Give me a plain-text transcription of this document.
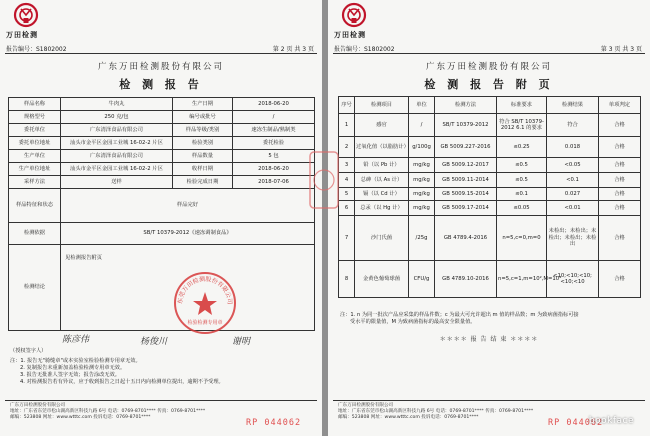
万田检测
报告编号：S1802002	第 2 页 共 3 页
广东万田检测股份有限公司
检 测 报 告
样品名称	牛肉丸	生产日期	2018-06-20
规格型号	250 克/包	编号或批号	/
委托单位	广东清泽食品有限公司	样品等级/类别	速冻生制品/熟制类
委托单位地址	汕头市金平区金园工业城 16-02-2 片区	检验类别	委托检验
生产单位	广东清泽食品有限公司	样品数量	5 包
生产单位地址	汕头市金平区金园工业城 16-02-2 片区	收样日期	2018-06-20
采样方法	送样	检验完成日期	2018-07-06
样品特征和状态	样品完好		
检测依据	SB/T 10379-2012《速冻调制食品》		
检测结论	见检测报告附页		
东莞万田检测股份有限公司
检验检测专用章
陈彦伟	杨俊川	谢明
（授权签字人）
注：1. 报告无"骑缝章"或本实验室检验检测专用章无效。
2. 复制报告未重新加盖检验检测专用章无效。
3. 报告无批准人签字无效；报告涂改无效。
4. 对检测报告若有异议，应于收到报告之日起十五日内向检测单位提出，逾期不予受理。
广东万田检测股份有限公司
地址：广东省东莞市松山湖高新区科技九路 6号 电话：0769-8701**** 传真：0769-8701****
邮编：523808 网址：www.wtttc.com 投诉电话：0769-8701****
RP 044062
万田检测
报告编号：S1802002	第 3 页 共 3 页
广东万田检测股份有限公司
检 测 报 告 附 页
序号	检测项目	单位	检测方法	标准要求	检测结果	单项判定
1	感官	/	SB/T 10379-2012	符合 SB/T 10379-2012 6.1 的要求	符合	合格
2	过氧化值（以脂肪计）	g/100g	GB 5009.227-2016	≤0.25	0.018	合格
3	铅（以 Pb 计）	mg/kg	GB 5009.12-2017	≤0.5	<0.05	合格
4	总砷（以 As 计）	mg/kg	GB 5009.11-2014	≤0.5	<0.1	合格
5	镉（以 Cd 计）	mg/kg	GB 5009.15-2014	≤0.1	0.027	合格
6	总汞（以 Hg 计）	mg/kg	GB 5009.17-2014	≤0.05	<0.01	合格
7	沙门氏菌	/25g	GB 4789.4-2016	n=5,c=0,m=0	未检出；未检出；未检出；未检出；未检出	合格
8	金黄色葡萄球菌	CFU/g	GB 4789.10-2016	n=5,c=1,m=10²,M=10⁴	<10;<10;<10;<10;<10	合格
注：1. n 为同一批次产品应采集的样品件数；c 为最大可允许超出 m 值的样品数；m 为致病菌指标可接
受水平的限量值，M 为致病菌指标的最高安全限量值。
＊＊＊＊ 报 告 结 束 ＊＊＊＊
广东万田检测股份有限公司
地址：广东省东莞市松山湖高新区科技九路 6号 电话：0769-8701**** 传真：0769-8701****
邮编：523808 网址：www.wtttc.com 投诉电话：0769-8701****
RP 044062
bookface
